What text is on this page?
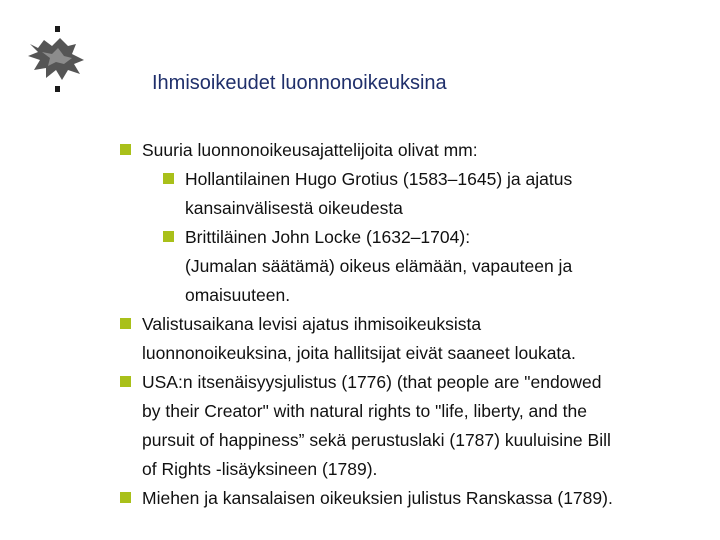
Ihmisoikeudet luonnonoikeuksina
Suuria luonnonoikeusajattelijoita olivat mm:
Hollantilainen Hugo Grotius (1583–1645) ja ajatus
kansainvälisestä oikeudesta
Brittiläinen John Locke (1632–1704):
(Jumalan säätämä) oikeus elämään, vapauteen ja
omaisuuteen.
Valistusaikana levisi ajatus ihmisoikeuksista
luonnonoikeuksina, joita hallitsijat eivät saaneet loukata.
USA:n itsenäisyysjulistus (1776) (that people are "endowed
by their Creator" with natural rights to "life, liberty, and the
pursuit of happiness” sekä perustuslaki (1787) kuuluisine Bill
of Rights -lisäyksineen (1789).
Miehen ja kansalaisen oikeuksien julistus Ranskassa (1789).
